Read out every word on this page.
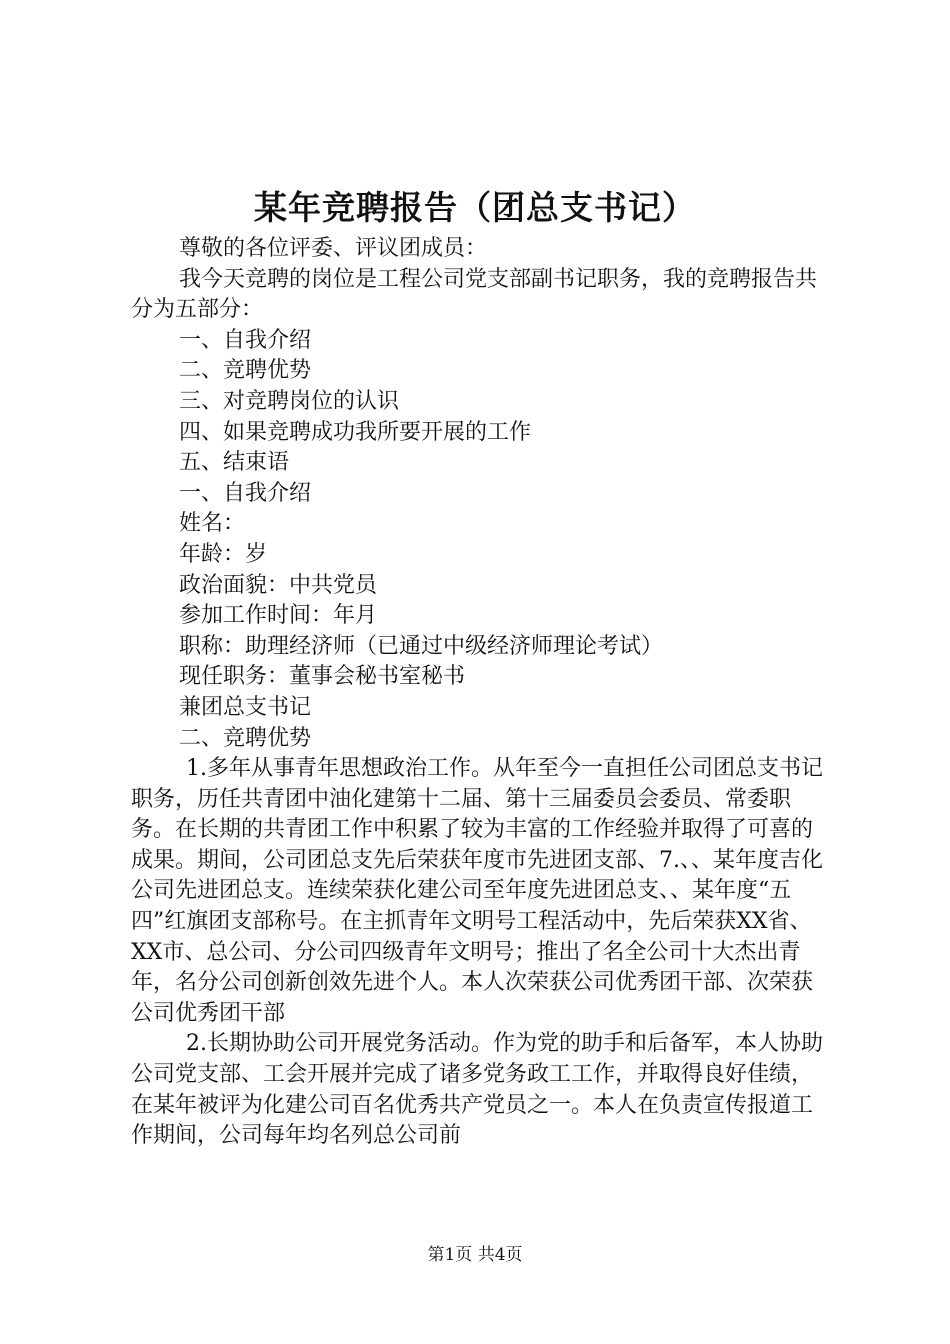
某年竞聘报告（团总支书记）

尊敬的各位评委、评议团成员：

我今天竞聘的岗位是工程公司党支部副书记职务，我的竞聘报告共分为五部分：

一、自我介绍

二、竞聘优势

三、对竞聘岗位的认识

四、如果竞聘成功我所要开展的工作

五、结束语

一、自我介绍

姓名：

年龄：岁

政治面貌：中共党员

参加工作时间：年月

职称：助理经济师（已通过中级经济师理论考试）

现任职务：董事会秘书室秘书

兼团总支书记

二、竞聘优势

1.多年从事青年思想政治工作。从年至今一直担任公司团总支书记职务，历任共青团中油化建第十二届、第十三届委员会委员、常委职务。在长期的共青团工作中积累了较为丰富的工作经验并取得了可喜的成果。期间，公司团总支先后荣获年度市先进团支部、7.、、某年度吉化公司先进团总支。连续荣获化建公司至年度先进团总支、、某年度“五四”红旗团支部称号。在主抓青年文明号工程活动中，先后荣获XX省、XX市、总公司、分公司四级青年文明号；推出了名全公司十大杰出青年，名分公司创新创效先进个人。本人次荣获公司优秀团干部、次荣获公司优秀团干部

2.长期协助公司开展党务活动。作为党的助手和后备军，本人协助公司党支部、工会开展并完成了诸多党务政工工作，并取得良好佳绩，在某年被评为化建公司百名优秀共产党员之一。本人在负责宣传报道工作期间，公司每年均名列总公司前

第1页 共4页
